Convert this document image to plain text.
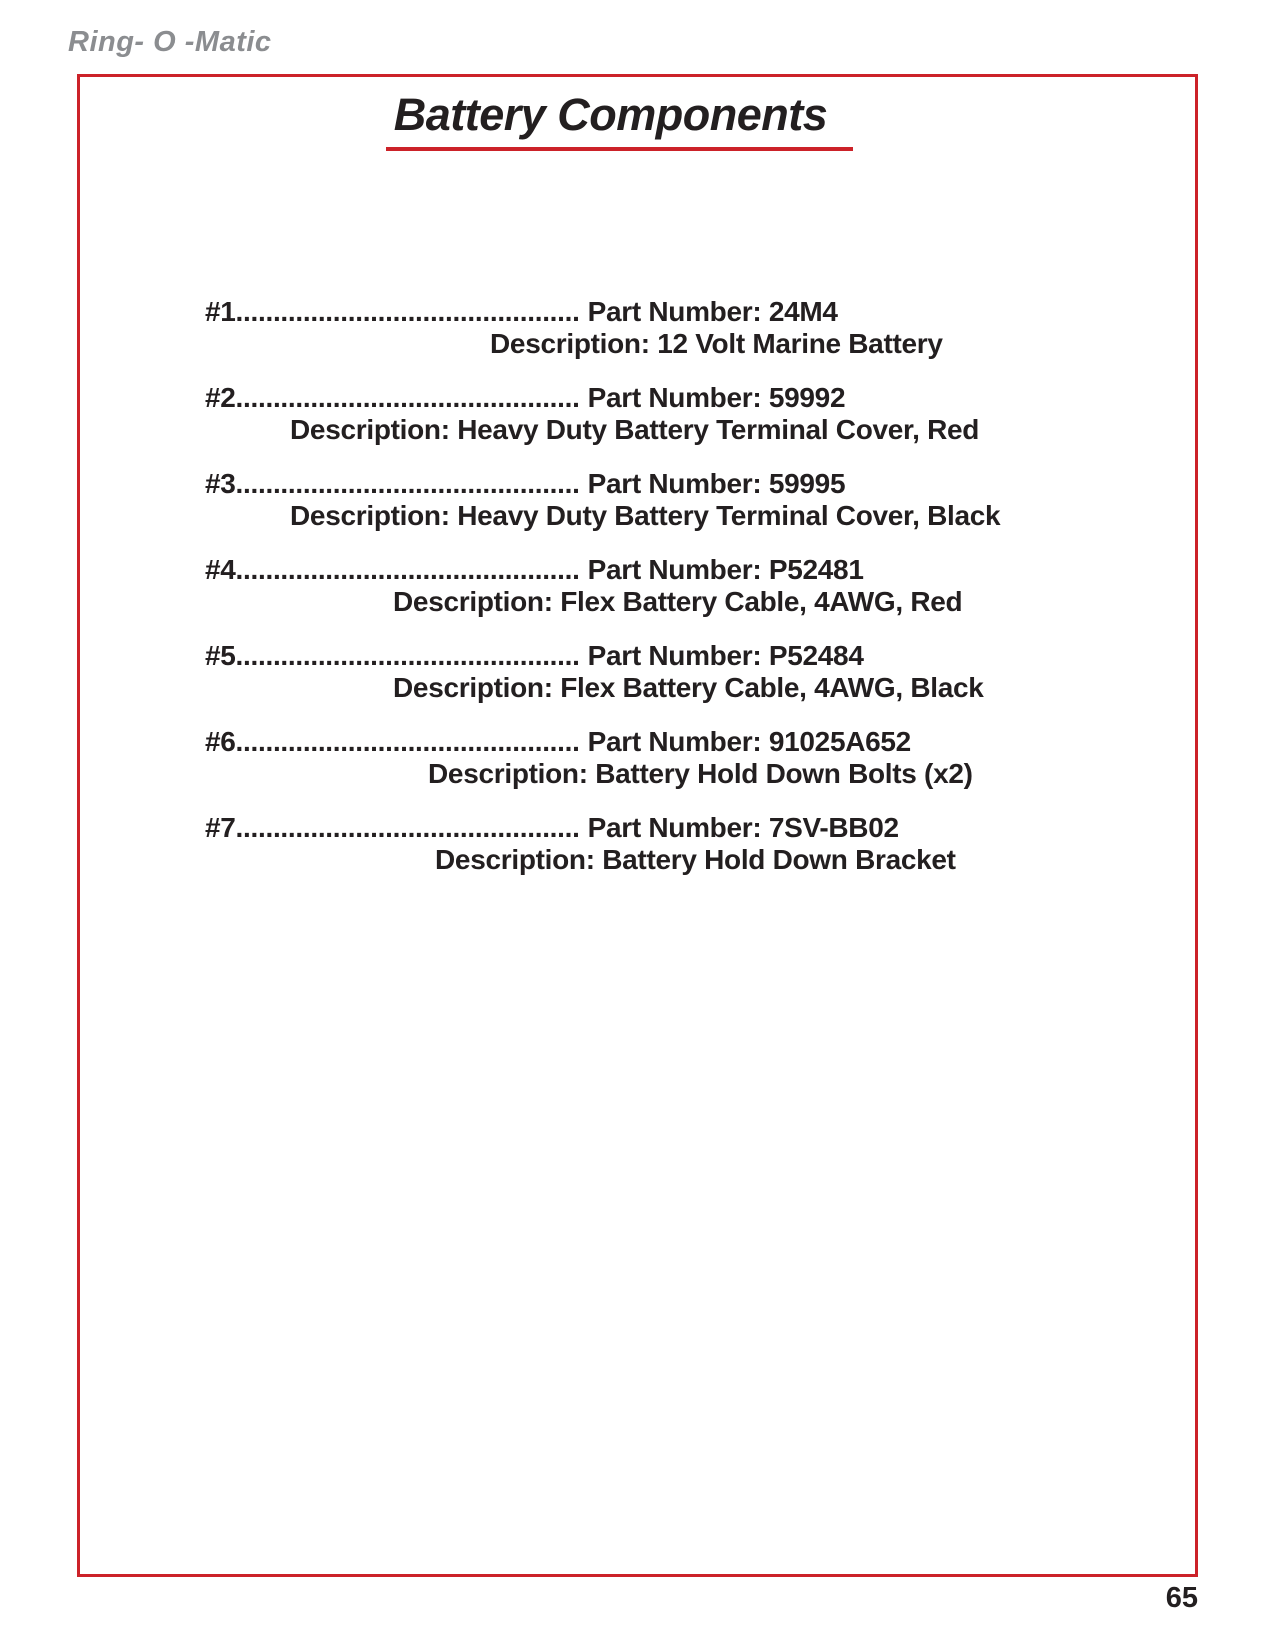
Ring- O -Matic
Battery Components
#1.............................................. Part Number: 24M4
Description: 12 Volt Marine Battery
#2.............................................. Part Number: 59992
Description: Heavy Duty Battery Terminal Cover, Red
#3.............................................. Part Number: 59995
Description: Heavy Duty Battery Terminal Cover, Black
#4.............................................. Part Number: P52481
Description: Flex Battery Cable, 4AWG, Red
#5.............................................. Part Number: P52484
Description: Flex Battery Cable, 4AWG, Black
#6.............................................. Part Number: 91025A652
Description: Battery Hold Down Bolts (x2)
#7.............................................. Part Number: 7SV-BB02
Description: Battery Hold Down Bracket
65
